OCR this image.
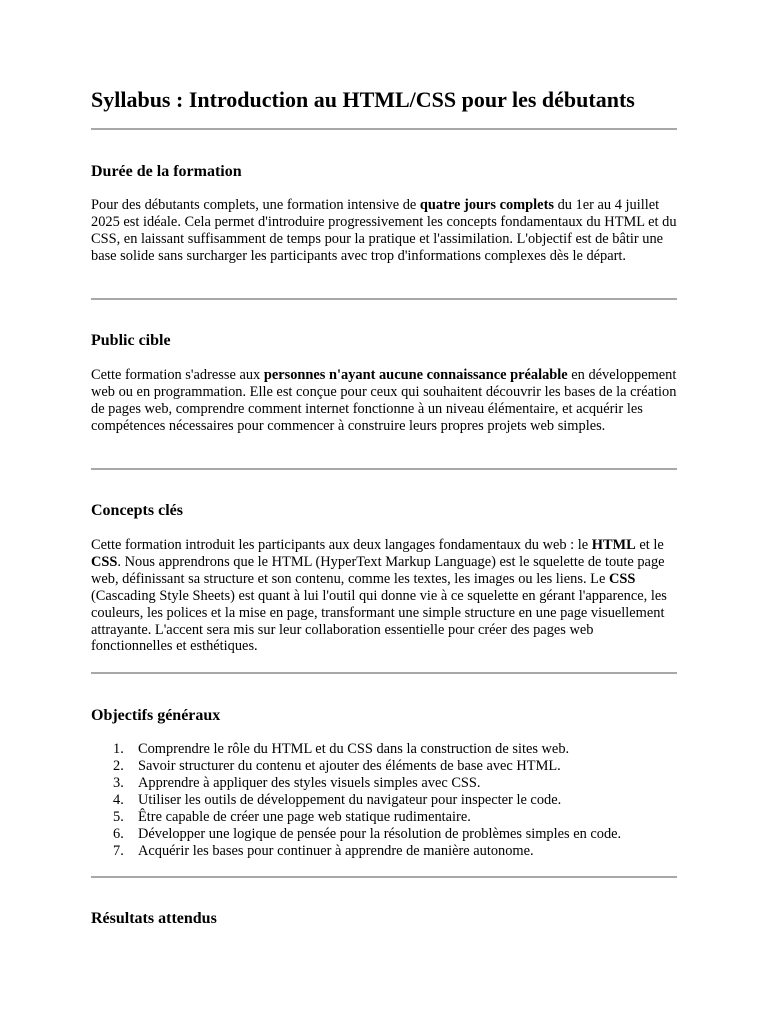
Syllabus : Introduction au HTML/CSS pour les débutants
Durée de la formation

Pour des débutants complets, une formation intensive de quatre jours complets du 1er au 4 juillet 2025 est idéale. Cela permet d'introduire progressivement les concepts fondamentaux du HTML et du CSS, en laissant suffisamment de temps pour la pratique et l'assimilation. L'objectif est de bâtir une base solide sans surcharger les participants avec trop d'informations complexes dès le départ.

Public cible

Cette formation s'adresse aux personnes n'ayant aucune connaissance préalable en développement web ou en programmation. Elle est conçue pour ceux qui souhaitent découvrir les bases de la création de pages web, comprendre comment internet fonctionne à un niveau élémentaire, et acquérir les compétences nécessaires pour commencer à construire leurs propres projets web simples.

Concepts clés

Cette formation introduit les participants aux deux langages fondamentaux du web : le HTML et le CSS. Nous apprendrons que le HTML (HyperText Markup Language) est le squelette de toute page web, définissant sa structure et son contenu, comme les textes, les images ou les liens. Le CSS (Cascading Style Sheets) est quant à lui l'outil qui donne vie à ce squelette en gérant l'apparence, les couleurs, les polices et la mise en page, transformant une simple structure en une page visuellement attrayante. L'accent sera mis sur leur collaboration essentielle pour créer des pages web fonctionnelles et esthétiques.

Objectifs généraux
1. Comprendre le rôle du HTML et du CSS dans la construction de sites web.
2. Savoir structurer du contenu et ajouter des éléments de base avec HTML.
3. Apprendre à appliquer des styles visuels simples avec CSS.
4. Utiliser les outils de développement du navigateur pour inspecter le code.
5. Être capable de créer une page web statique rudimentaire.
6. Développer une logique de pensée pour la résolution de problèmes simples en code.
7. Acquérir les bases pour continuer à apprendre de manière autonome.
Résultats attendus
